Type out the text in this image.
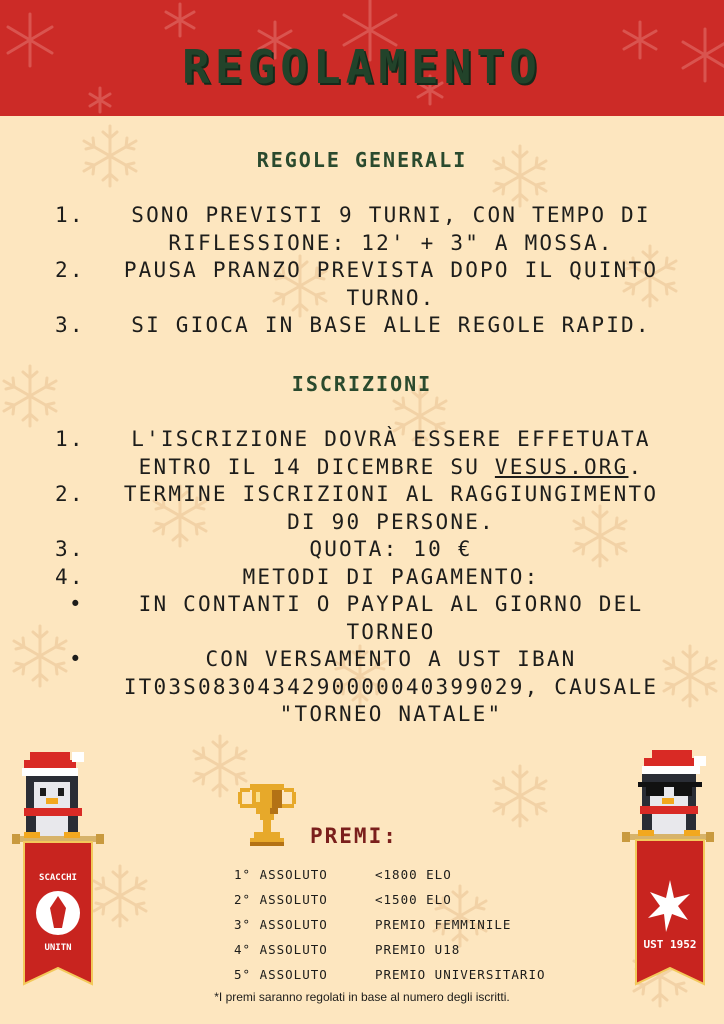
REGOLAMENTO
REGOLE GENERALI
1.	SONO PREVISTI 9 TURNI, CON TEMPO DI RIFLESSIONE: 12' + 3" A MOSSA.
2.	PAUSA PRANZO PREVISTA DOPO IL QUINTO TURNO.
3.	SI GIOCA IN BASE ALLE REGOLE RAPID.
ISCRIZIONI
1.	L'ISCRIZIONE DOVRÀ ESSERE EFFETUATA ENTRO IL 14 DICEMBRE SU VESUS.ORG.
2.	TERMINE ISCRIZIONI AL RAGGIUNGIMENTO DI 90 PERSONE.
3.	QUOTA: 10 €
4.	METODI DI PAGAMENTO:
•	IN CONTANTI O PAYPAL AL GIORNO DEL TORNEO
•	CON VERSAMENTO A UST IBAN IT03S0830434290000040399029, CAUSALE "TORNEO NATALE"
PREMI:
1° ASSOLUTO	<1800 ELO
2° ASSOLUTO	<1500 ELO
3° ASSOLUTO	PREMIO FEMMINILE
4° ASSOLUTO	PREMIO U18
5° ASSOLUTO	PREMIO UNIVERSITARIO
*I premi saranno regolati in base al numero degli iscritti.
SCACCHI
UNITN	UST 1952
